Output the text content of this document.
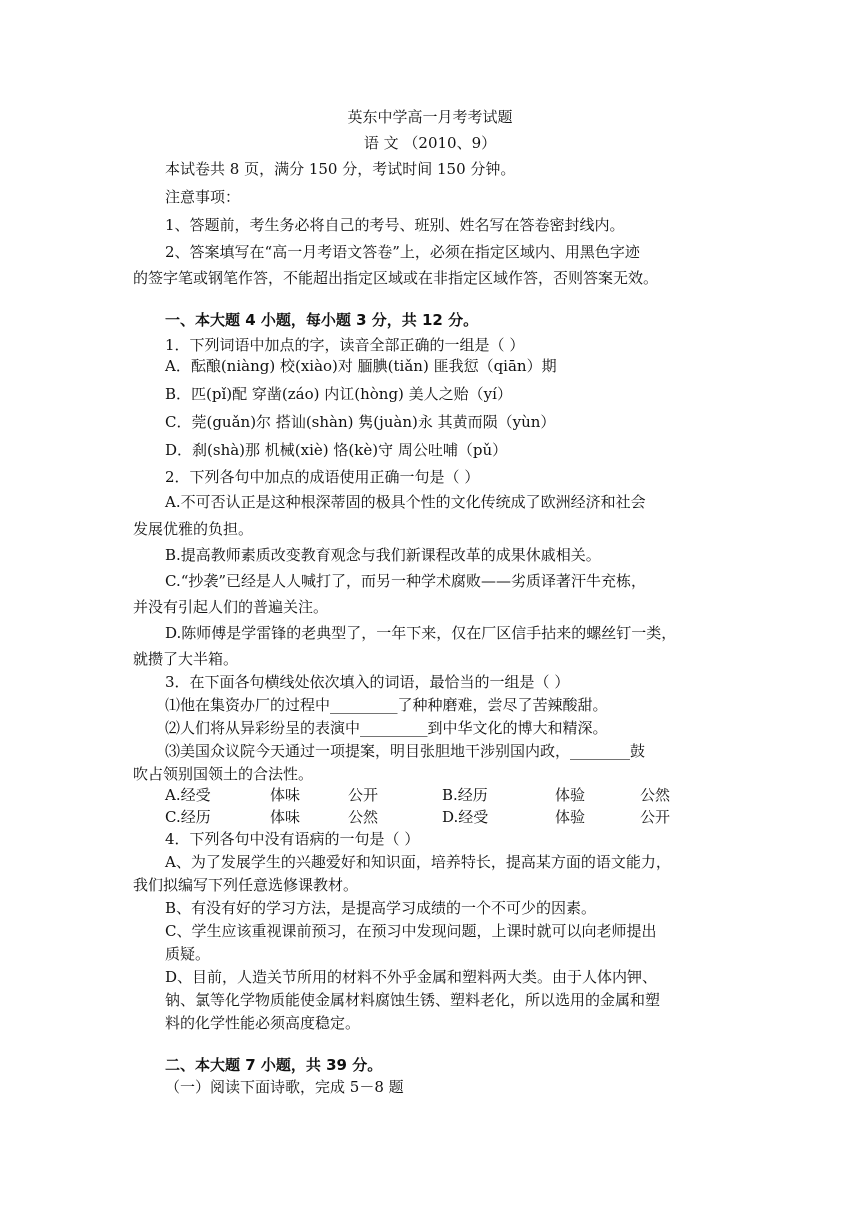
英东中学高一月考考试题
语 文 （2010、9）
本试卷共 8 页，满分 150 分，考试时间 150 分钟。
注意事项：
1、答题前，考生务必将自己的考号、班别、姓名写在答卷密封线内。
2、答案填写在“高一月考语文答卷”上，必须在指定区域内、用黑色字迹
的签字笔或钢笔作答，不能超出指定区域或在非指定区域作答，否则答案无效。
一、本大题 4 小题，每小题 3 分，共 12 分。
1．下列词语中加点的字，读音全部正确的一组是（ ）
A．酝酿(niàng) 校(xiào)对 腼腆(tiǎn) 匪我愆（qiān）期
B．匹(pǐ)配 穿凿(záo) 内讧(hòng) 美人之贻（yí）
C．莞(guǎn)尔 搭讪(shàn) 隽(juàn)永 其黄而陨（yùn）
D．刹(shà)那 机械(xiè) 恪(kè)守 周公吐哺（pǔ）
2．下列各句中加点的成语使用正确一句是（ ）
A.不可否认正是这种根深蒂固的极具个性的文化传统成了欧洲经济和社会
发展优雅的负担。
B.提高教师素质改变教育观念与我们新课程改革的成果休戚相关。
C.“抄袭”已经是人人喊打了，而另一种学术腐败——劣质译著汗牛充栋，
并没有引起人们的普遍关注。
D.陈师傅是学雷锋的老典型了，一年下来，仅在厂区信手拈来的螺丝钉一类，
就攒了大半箱。
3．在下面各句横线处依次填入的词语，最恰当的一组是（ ）
⑴他在集资办厂的过程中_________了种种磨难，尝尽了苦辣酸甜。
⑵人们将从异彩纷呈的表演中_________到中华文化的博大和精深。
⑶美国众议院今天通过一项提案，明目张胆地干涉别国内政，________鼓
吹占领别国领土的合法性。
A.经受	体味	公开	B.经历	体验	公然
C.经历	体味	公然	D.经受	体验	公开
4．下列各句中没有语病的一句是（ ）
A、为了发展学生的兴趣爱好和知识面，培养特长，提高某方面的语文能力，
我们拟编写下列任意选修课教材。
B、有没有好的学习方法，是提高学习成绩的一个不可少的因素。
C、学生应该重视课前预习，在预习中发现问题，上课时就可以向老师提出
质疑。
D、目前，人造关节所用的材料不外乎金属和塑料两大类。由于人体内钾、
钠、氯等化学物质能使金属材料腐蚀生锈、塑料老化，所以选用的金属和塑
料的化学性能必须高度稳定。
二、本大题 7 小题，共 39 分。
（一）阅读下面诗歌，完成 5－8 题
